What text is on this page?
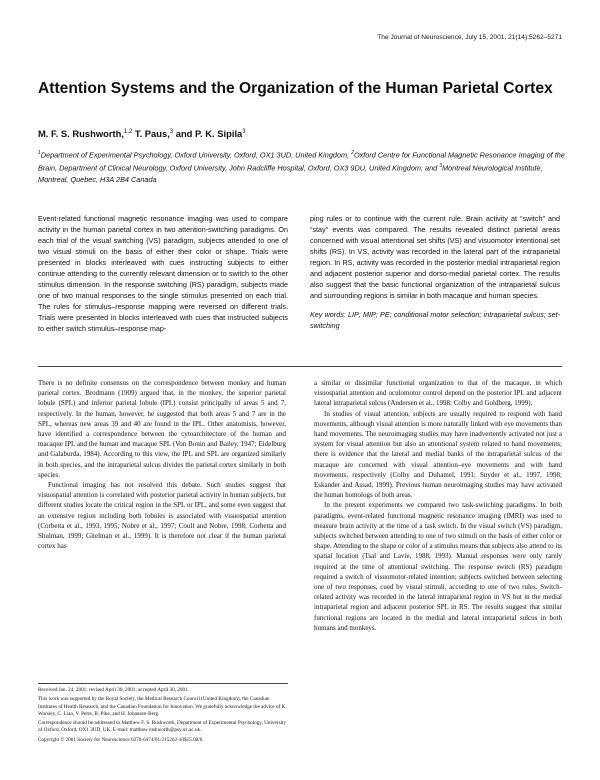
The Journal of Neuroscience, July 15, 2001, 21(14):5262–5271
Attention Systems and the Organization of the Human Parietal Cortex
M. F. S. Rushworth,$^{1,2}$ T. Paus,$^3$ and P. K. Sipila$^3$
$^1$Department of Experimental Psychology, Oxford University, Oxford, OX1 3UD, United Kingdom, $^2$Oxford Centre for Functional Magnetic Resonance Imaging of the Brain, Department of Clinical Neurology, Oxford University, John Radcliffe Hospital, Oxford, OX3 9DU, United Kingdom, and $^3$Montreal Neurological Institute, Montreal, Quebec, H3A 2B4 Canada
Event-related functional magnetic resonance imaging was used to compare activity in the human parietal cortex in two attention-switching paradigms. On each trial of the visual switching (VS) paradigm, subjects attended to one of two visual stimuli on the basis of either their color or shape. Trials were presented in blocks interleaved with cues instructing subjects to either continue attending to the currently relevant dimension or to switch to the other stimulus dimension. In the response switching (RS) paradigm, subjects made one of two manual responses to the single stimulus presented on each trial. The rules for stimulus–response mapping were reversed on different trials. Trials were presented in blocks interleaved with cues that instructed subjects to either switch stimulus–response map-
ping rules or to continue with the current rule. Brain activity at “switch” and “stay” events was compared. The results revealed distinct parietal areas concerned with visual attentional set shifts (VS) and visuomotor intentional set shifts (RS). In VS, activity was recorded in the lateral part of the intraparietal region. In RS, activity was recorded in the posterior medial intraparietal region and adjacent posterior superior and dorso-medial parietal cortex. The results also suggest that the basic functional organization of the intraparietal sulcus and surrounding regions is similar in both macaque and human species.
Key words: LIP; MIP; PE; conditional motor selection; intraparietal sulcus; set-switching

There is no definite consensus on the correspondence between monkey and human parietal cortex. Brodmann (1909) argued that, in the monkey, the superior parietal lobule (SPL) and inferior parietal lobule (IPL) consist principally of areas 5 and 7, respectively. In the human, however, he suggested that both areas 5 and 7 are in the SPL, whereas new areas 39 and 40 are found in the IPL. Other anatomists, however, have identified a correspondence between the cytoarchitecture of the human and macaque IPL and the human and macaque SPL (Von Bonin and Bailey, 1947; Eidelburg and Galaburda, 1984). According to this view, the IPL and SPL are organized similarly in both species, and the intraparietal sulcus divides the parietal cortex similarly in both species.

Functional imaging has not resolved this debate. Such studies suggest that visuospatial attention is correlated with posterior parietal activity in human subjects, but different studies locate the critical region in the SPL or IPL, and some even suggest that an extensive region including both lobules is associated with visuospatial attention (Corbetta et al., 1993, 1995; Nobre et al., 1997; Coull and Nobre, 1998; Corbetta and Shulman, 1999; Gitelman et al., 1999). It is therefore not clear if the human parietal cortex has

a similar or dissimilar functional organization to that of the macaque, in which visuospatial attention and oculomotor control depend on the posterior IPL and adjacent lateral intraparietal sulcus (Andersen et al., 1998; Colby and Goldberg, 1999).

In studies of visual attention, subjects are usually required to respond with hand movements, although visual attention is more naturally linked with eye movements than hand movements. The neuroimaging studies may have inadvertently activated not just a system for visual attention but also an attentional system related to hand movements; there is evidence that the lateral and medial banks of the intraparietal sulcus of the macaque are concerned with visual attention–eye movements and with hand movements, respectively (Colby and Duhamel, 1991; Snyder et al., 1997, 1998; Eskander and Assad, 1999). Previous human neuroimaging studies may have activated the human homologs of both areas.

In the present experiments we compared two task-switching paradigms. In both paradigms, event-related functional magnetic resonance imaging (fMRI) was used to measure brain activity at the time of a task switch. In the visual switch (VS) paradigm, subjects switched between attending to one of two stimuli on the basis of either color or shape. Attending to the shape or color of a stimulus means that subjects also attend to its spatial location (Tsal and Lavie, 1988, 1993). Manual responses were only rarely required at the time of attentional switching. The response switch (RS) paradigm required a switch of visuomotor-related intention; subjects switched between selecting one of two responses, cued by visual stimuli, according to one of two rules. Switch-related activity was recorded in the lateral intraparietal region in VS but in the medial intraparietal region and adjacent posterior SPL in RS. The results suggest that similar functional regions are located in the medial and lateral intraparietal sulcus in both humans and monkeys.

Received Jan. 24, 2001; revised April 30, 2001; accepted April 30, 2001.

This work was supported by the Royal Society, the Medical Research Council (United Kingdom), the Canadian Institutes of Health Research, and the Canadian Foundation for Innovation. We gratefully acknowledge the advice of K. Worsley, C. Liao, V. Petre, B. Pike, and H. Johansen-Berg.

Correspondence should be addressed to Matthew F. S. Rushworth, Department of Experimental Psychology, University of Oxford, Oxford, OX1 3UD, UK. E-mail: matthew.rushworth@psy.ox.ac.uk.

Copyright © 2001 Society for Neuroscience 0270-6474/01/215262-10$15.00/0
